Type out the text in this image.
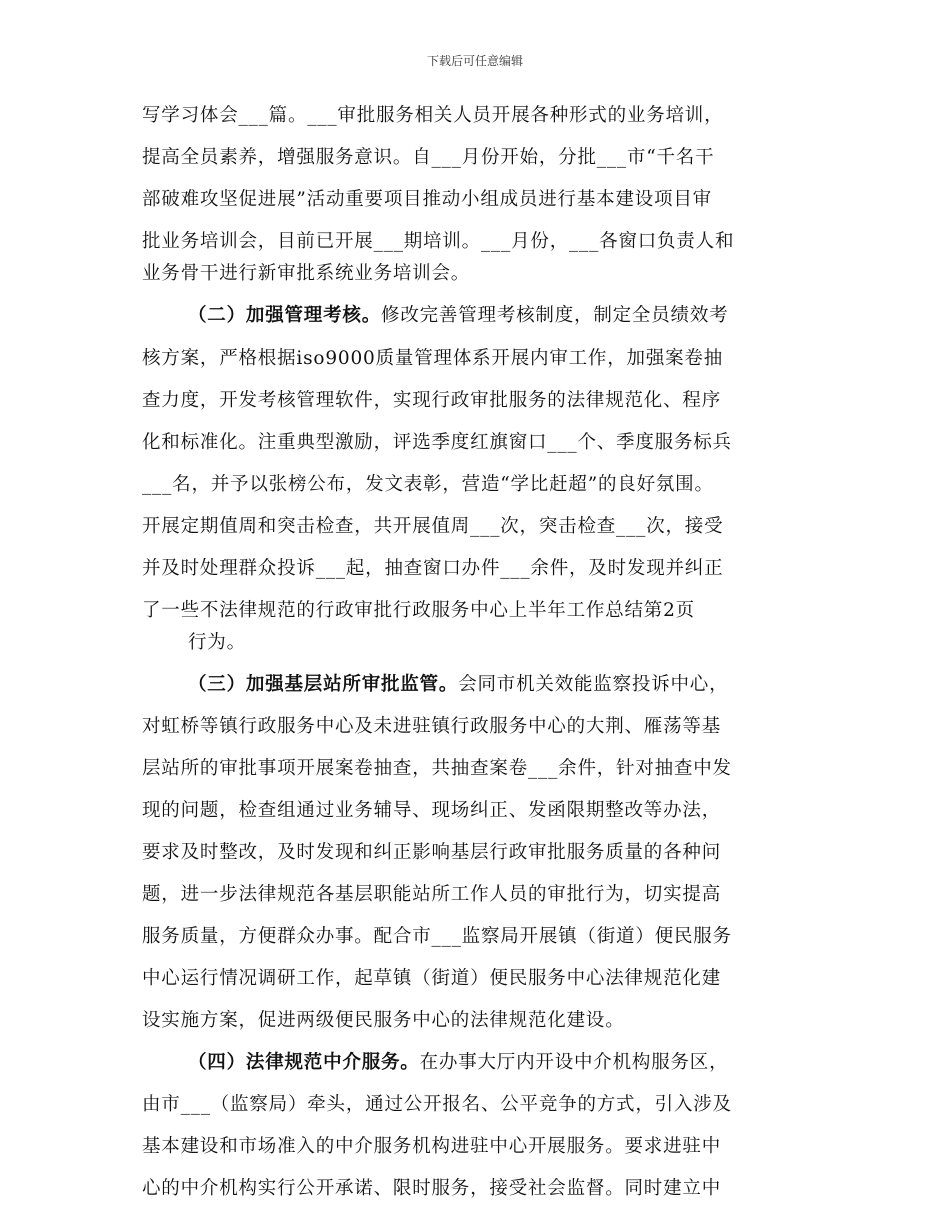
下载后可任意编辑
写学习体会___篇。___审批服务相关人员开展各种形式的业务培训，
提高全员素养，增强服务意识。自___月份开始，分批___市“千名干
部破难攻坚促进展”活动重要项目推动小组成员进行基本建设项目审
批业务培训会，目前已开展___期培训。___月份，___各窗口负责人和
业务骨干进行新审批系统业务培训会。
（二）加强管理考核。修改完善管理考核制度，制定全员绩效考
核方案，严格根据iso9000质量管理体系开展内审工作，加强案卷抽
查力度，开发考核管理软件，实现行政审批服务的法律规范化、程序
化和标准化。注重典型激励，评选季度红旗窗口___个、季度服务标兵
___名，并予以张榜公布，发文表彰，营造“学比赶超”的良好氛围。
开展定期值周和突击检查，共开展值周___次，突击检查___次，接受
并及时处理群众投诉___起，抽查窗口办件___余件，及时发现并纠正
了一些不法律规范的行政审批行政服务中心上半年工作总结第2页
行为。
（三）加强基层站所审批监管。会同市机关效能监察投诉中心，
对虹桥等镇行政服务中心及未进驻镇行政服务中心的大荆、雁荡等基
层站所的审批事项开展案卷抽查，共抽查案卷___余件，针对抽查中发
现的问题，检查组通过业务辅导、现场纠正、发函限期整改等办法，
要求及时整改，及时发现和纠正影响基层行政审批服务质量的各种问
题，进一步法律规范各基层职能站所工作人员的审批行为，切实提高
服务质量，方便群众办事。配合市___监察局开展镇（街道）便民服务
中心运行情况调研工作，起草镇（街道）便民服务中心法律规范化建
设实施方案，促进两级便民服务中心的法律规范化建设。
（四）法律规范中介服务。在办事大厅内开设中介机构服务区，
由市___（监察局）牵头，通过公开报名、公平竞争的方式，引入涉及
基本建设和市场准入的中介服务机构进驻中心开展服务。要求进驻中
心的中介机构实行公开承诺、限时服务，接受社会监督。同时建立中
